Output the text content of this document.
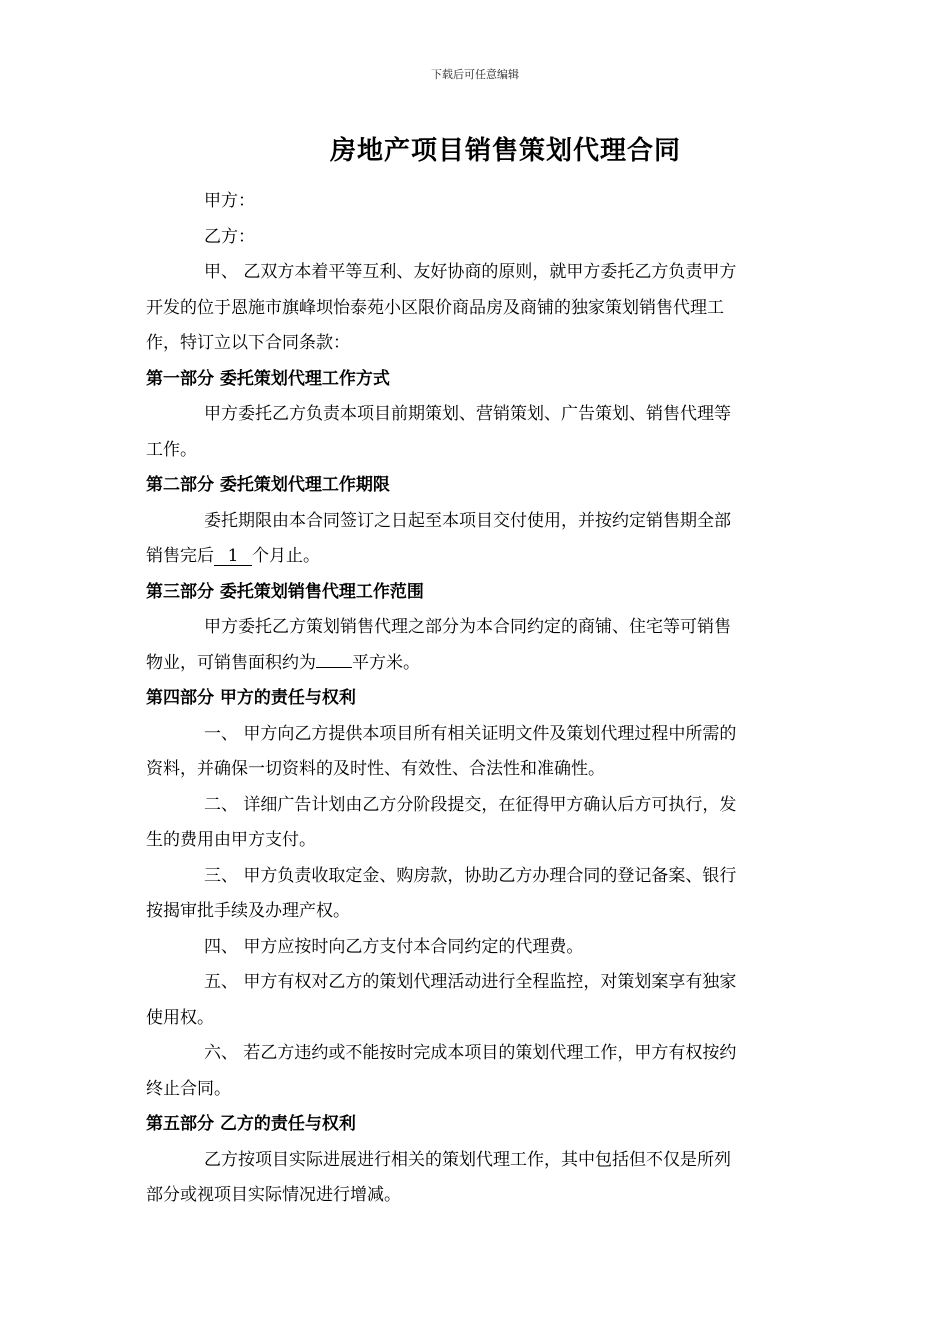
下载后可任意编辑
房地产项目销售策划代理合同
甲方：
乙方：
甲、 乙双方本着平等互利、友好协商的原则，就甲方委托乙方负责甲方
开发的位于恩施市旗峰坝怡泰苑小区限价商品房及商铺的独家策划销售代理工
作，特订立以下合同条款：
第一部分 委托策划代理工作方式
甲方委托乙方负责本项目前期策划、营销策划、广告策划、销售代理等
工作。
第二部分 委托策划代理工作期限
委托期限由本合同签订之日起至本项目交付使用，并按约定销售期全部
销售完后 1 个月止。
第三部分 委托策划销售代理工作范围
甲方委托乙方策划销售代理之部分为本合同约定的商铺、住宅等可销售
物业，可销售面积约为 平方米。
第四部分 甲方的责任与权利
一、 甲方向乙方提供本项目所有相关证明文件及策划代理过程中所需的
资料，并确保一切资料的及时性、有效性、合法性和准确性。
二、 详细广告计划由乙方分阶段提交，在征得甲方确认后方可执行，发
生的费用由甲方支付。
三、 甲方负责收取定金、购房款，协助乙方办理合同的登记备案、银行
按揭审批手续及办理产权。
四、 甲方应按时向乙方支付本合同约定的代理费。
五、 甲方有权对乙方的策划代理活动进行全程监控，对策划案享有独家
使用权。
六、 若乙方违约或不能按时完成本项目的策划代理工作，甲方有权按约
终止合同。
第五部分 乙方的责任与权利
乙方按项目实际进展进行相关的策划代理工作，其中包括但不仅是所列
部分或视项目实际情况进行增减。
